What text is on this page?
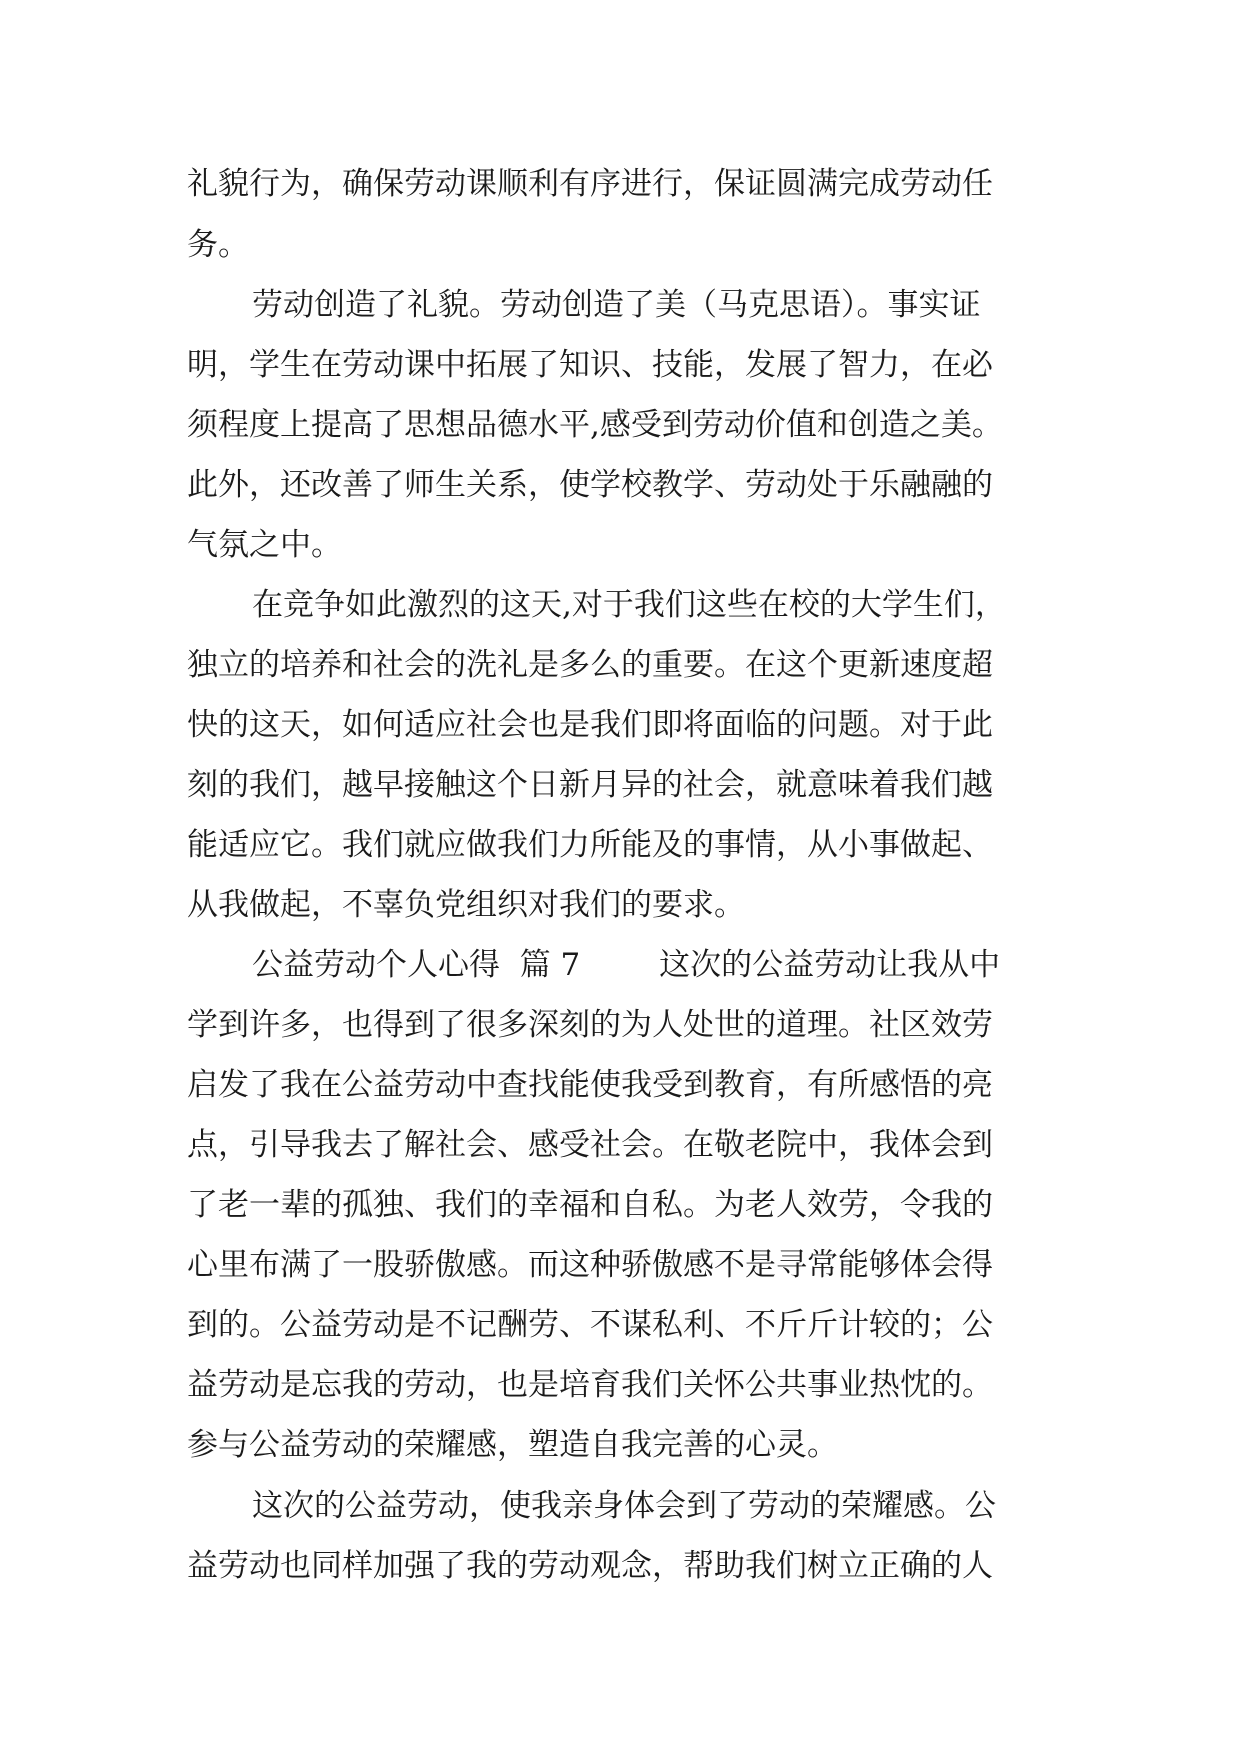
礼貌行为，确保劳动课顺利有序进行，保证圆满完成劳动任
务。
劳动创造了礼貌。劳动创造了美（马克思语）。事实证
明，学生在劳动课中拓展了知识、技能，发展了智力，在必
须程度上提高了思想品德水平,感受到劳动价值和创造之美。
此外，还改善了师生关系，使学校教学、劳动处于乐融融的
气氛之中。
在竞争如此激烈的这天,对于我们这些在校的大学生们，
独立的培养和社会的洗礼是多么的重要。在这个更新速度超
快的这天，如何适应社会也是我们即将面临的问题。对于此
刻的我们，越早接触这个日新月异的社会，就意味着我们越
能适应它。我们就应做我们力所能及的事情，从小事做起、
从我做起，不辜负党组织对我们的要求。
公益劳动个人心得  篇 7        这次的公益劳动让我从中
学到许多，也得到了很多深刻的为人处世的道理。社区效劳
启发了我在公益劳动中查找能使我受到教育，有所感悟的亮
点，引导我去了解社会、感受社会。在敬老院中，我体会到
了老一辈的孤独、我们的幸福和自私。为老人效劳，令我的
心里布满了一股骄傲感。而这种骄傲感不是寻常能够体会得
到的。公益劳动是不记酬劳、不谋私利、不斤斤计较的；公
益劳动是忘我的劳动，也是培育我们关怀公共事业热忱的。
参与公益劳动的荣耀感，塑造自我完善的心灵。
这次的公益劳动，使我亲身体会到了劳动的荣耀感。公
益劳动也同样加强了我的劳动观念，帮助我们树立正确的人
